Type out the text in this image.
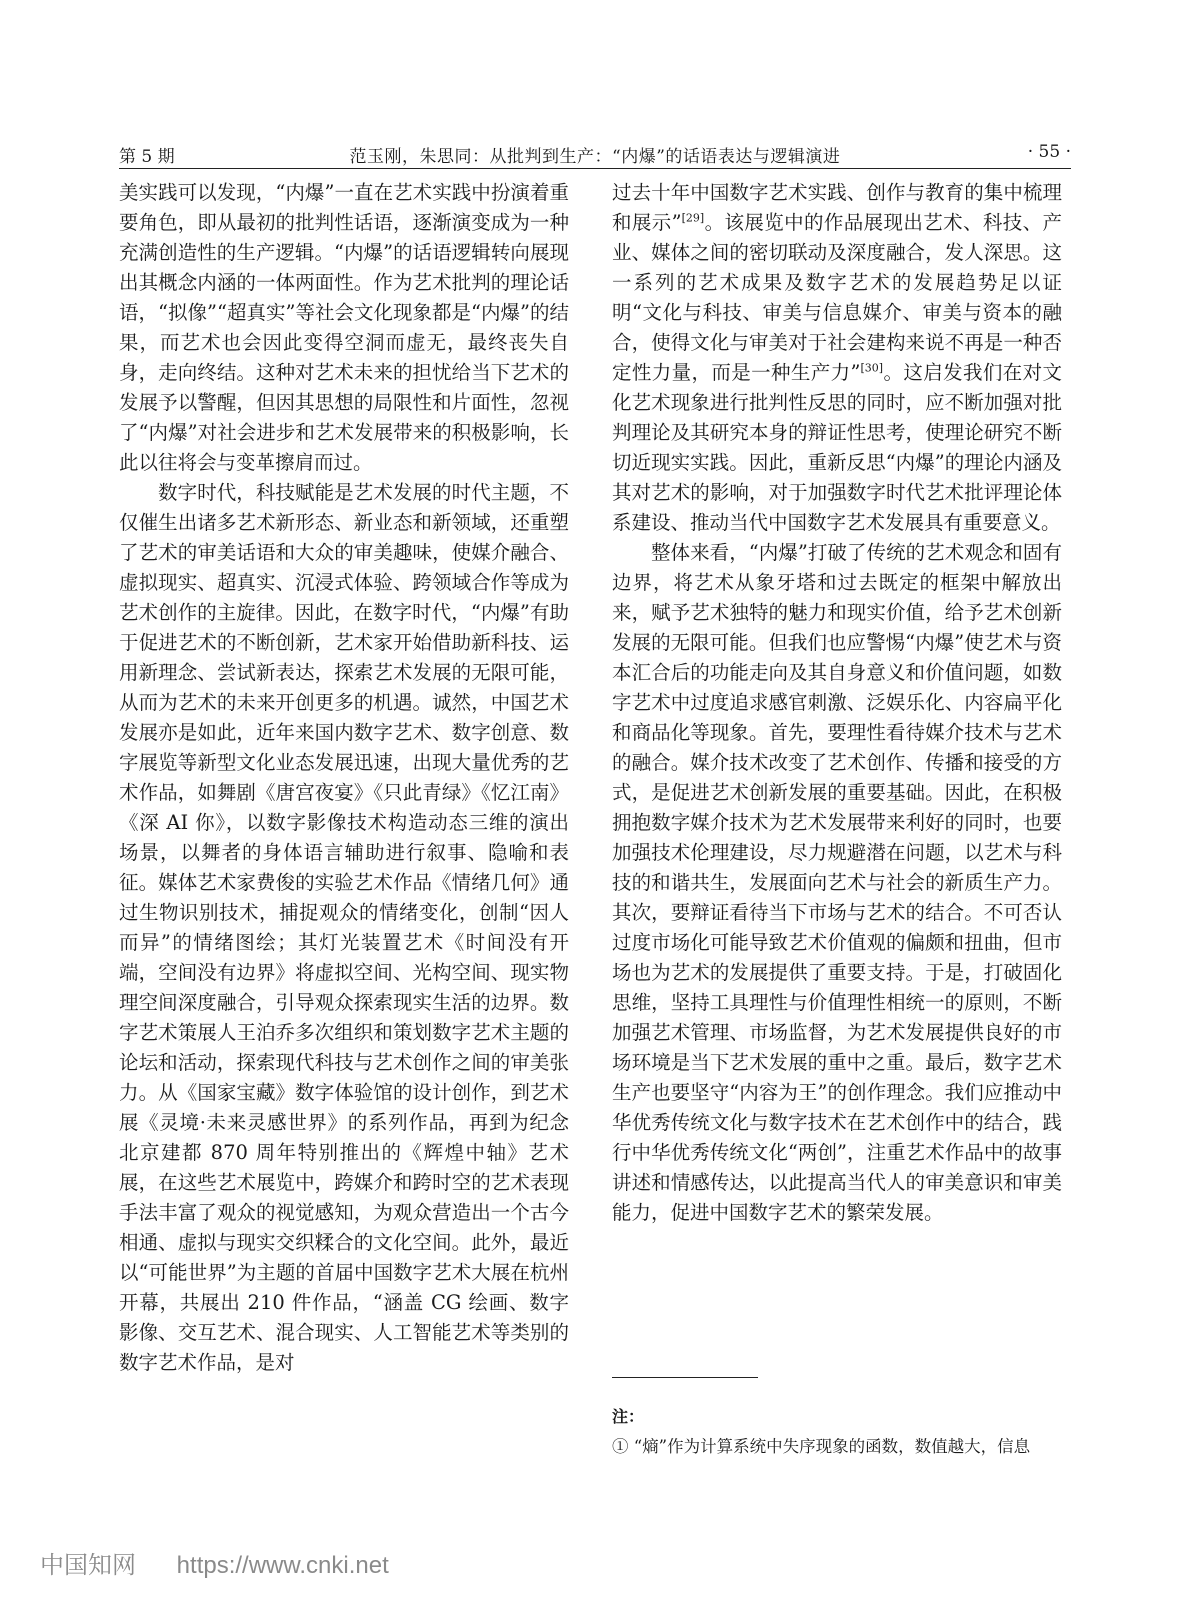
第 5 期	范玉刚，朱思同：从批判到生产：“内爆”的话语表达与逻辑演进	· 55 ·

美实践可以发现，“内爆”一直在艺术实践中扮演着重要角色，即从最初的批判性话语，逐渐演变成为一种充满创造性的生产逻辑。“内爆”的话语逻辑转向展现出其概念内涵的一体两面性。作为艺术批判的理论话语，“拟像”“超真实”等社会文化现象都是“内爆”的结果，而艺术也会因此变得空洞而虚无，最终丧失自身，走向终结。这种对艺术未来的担忧给当下艺术的发展予以警醒，但因其思想的局限性和片面性，忽视了“内爆”对社会进步和艺术发展带来的积极影响，长此以往将会与变革擦肩而过。

数字时代，科技赋能是艺术发展的时代主题，不仅催生出诸多艺术新形态、新业态和新领域，还重塑了艺术的审美话语和大众的审美趣味，使媒介融合、虚拟现实、超真实、沉浸式体验、跨领域合作等成为艺术创作的主旋律。因此，在数字时代，“内爆”有助于促进艺术的不断创新，艺术家开始借助新科技、运用新理念、尝试新表达，探索艺术发展的无限可能，从而为艺术的未来开创更多的机遇。诚然，中国艺术发展亦是如此，近年来国内数字艺术、数字创意、数字展览等新型文化业态发展迅速，出现大量优秀的艺术作品，如舞剧《唐宫夜宴》《只此青绿》《忆江南》《深 AI 你》，以数字影像技术构造动态三维的演出场景，以舞者的身体语言辅助进行叙事、隐喻和表征。媒体艺术家费俊的实验艺术作品《情绪几何》通过生物识别技术，捕捉观众的情绪变化，创制“因人而异”的情绪图绘；其灯光装置艺术《时间没有开端，空间没有边界》将虚拟空间、光构空间、现实物理空间深度融合，引导观众探索现实生活的边界。数字艺术策展人王泊乔多次组织和策划数字艺术主题的论坛和活动，探索现代科技与艺术创作之间的审美张力。从《国家宝藏》数字体验馆的设计创作，到艺术展《灵境·未来灵感世界》的系列作品，再到为纪念北京建都 870 周年特别推出的《辉煌中轴》艺术展，在这些艺术展览中，跨媒介和跨时空的艺术表现手法丰富了观众的视觉感知，为观众营造出一个古今相通、虚拟与现实交织糅合的文化空间。此外，最近以“可能世界”为主题的首届中国数字艺术大展在杭州开幕，共展出 210 件作品，“涵盖 CG 绘画、数字影像、交互艺术、混合现实、人工智能艺术等类别的数字艺术作品，是对

过去十年中国数字艺术实践、创作与教育的集中梳理和展示”[29]。该展览中的作品展现出艺术、科技、产业、媒体之间的密切联动及深度融合，发人深思。这一系列的艺术成果及数字艺术的发展趋势足以证明“文化与科技、审美与信息媒介、审美与资本的融合，使得文化与审美对于社会建构来说不再是一种否定性力量，而是一种生产力”[30]。这启发我们在对文化艺术现象进行批判性反思的同时，应不断加强对批判理论及其研究本身的辩证性思考，使理论研究不断切近现实实践。因此，重新反思“内爆”的理论内涵及其对艺术的影响，对于加强数字时代艺术批评理论体系建设、推动当代中国数字艺术发展具有重要意义。

整体来看，“内爆”打破了传统的艺术观念和固有边界，将艺术从象牙塔和过去既定的框架中解放出来，赋予艺术独特的魅力和现实价值，给予艺术创新发展的无限可能。但我们也应警惕“内爆”使艺术与资本汇合后的功能走向及其自身意义和价值问题，如数字艺术中过度追求感官刺激、泛娱乐化、内容扁平化和商品化等现象。首先，要理性看待媒介技术与艺术的融合。媒介技术改变了艺术创作、传播和接受的方式，是促进艺术创新发展的重要基础。因此，在积极拥抱数字媒介技术为艺术发展带来利好的同时，也要加强技术伦理建设，尽力规避潜在问题，以艺术与科技的和谐共生，发展面向艺术与社会的新质生产力。其次，要辩证看待当下市场与艺术的结合。不可否认过度市场化可能导致艺术价值观的偏颇和扭曲，但市场也为艺术的发展提供了重要支持。于是，打破固化思维，坚持工具理性与价值理性相统一的原则，不断加强艺术管理、市场监督，为艺术发展提供良好的市场环境是当下艺术发展的重中之重。最后，数字艺术生产也要坚守“内容为王”的创作理念。我们应推动中华优秀传统文化与数字技术在艺术创作中的结合，践行中华优秀传统文化“两创”，注重艺术作品中的故事讲述和情感传达，以此提高当代人的审美意识和审美能力，促进中国数字艺术的繁荣发展。

注：
① “熵”作为计算系统中失序现象的函数，数值越大，信息
中国知网 https://www.cnki.net
